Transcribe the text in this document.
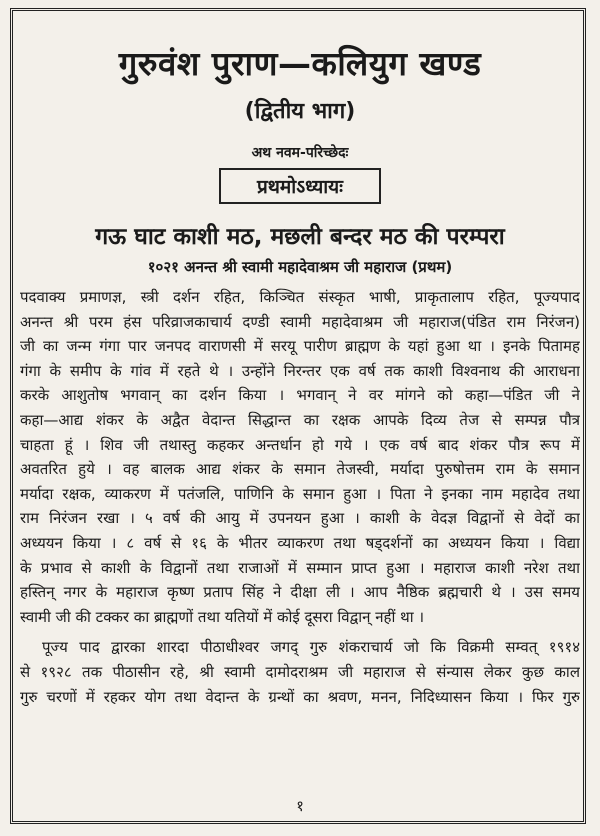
गुरुवंश पुराण—कलियुग खण्ड
(द्वितीय भाग)
अथ नवम-परिच्छेदः
प्रथमोऽध्यायः
गऊ घाट काशी मठ, मछली बन्दर मठ की परम्परा
१०२१ अनन्त श्री स्वामी महादेवाश्रम जी महाराज (प्रथम)
पदवाक्य प्रमाणज्ञ, स्त्री दर्शन रहित, किञ्चित संस्कृत भाषी, प्राकृतालाप रहित, पूज्यपाद
अनन्त श्री परम हंस परिव्राजकाचार्य दण्डी स्वामी महादेवाश्रम जी महाराज(पंडित राम निरंजन)
जी का जन्म गंगा पार जनपद वाराणसी में सरयू पारीण ब्राह्मण के यहां हुआ था । इनके पितामह
गंगा के समीप के गांव में रहते थे । उन्होंने निरन्तर एक वर्ष तक काशी विश्वनाथ की आराधना
करके आशुतोष भगवान् का दर्शन किया । भगवान् ने वर मांगने को कहा—पंडित जी ने
कहा—आद्य शंकर के अद्वैत वेदान्त सिद्धान्त का रक्षक आपके दिव्य तेज से सम्पन्न पौत्र
चाहता हूं । शिव जी तथास्तु कहकर अन्तर्धान हो गये । एक वर्ष बाद शंकर पौत्र रूप में
अवतरित हुये । वह बालक आद्य शंकर के समान तेजस्वी, मर्यादा पुरुषोत्तम राम के समान
मर्यादा रक्षक, व्याकरण में पतंजलि, पाणिनि के समान हुआ । पिता ने इनका नाम महादेव तथा
राम निरंजन रखा । ५ वर्ष की आयु में उपनयन हुआ । काशी के वेदज्ञ विद्वानों से वेदों का
अध्ययन किया । ८ वर्ष से १६ के भीतर व्याकरण तथा षड्दर्शनों का अध्ययन किया । विद्या
के प्रभाव से काशी के विद्वानों तथा राजाओं में सम्मान प्राप्त हुआ । महाराज काशी नरेश तथा
हस्तिन् नगर के महाराज कृष्ण प्रताप सिंह ने दीक्षा ली । आप नैष्ठिक ब्रह्मचारी थे । उस समय
स्वामी जी की टक्कर का ब्राह्मणों तथा यतियों में कोई दूसरा विद्वान् नहीं था ।
पूज्य पाद द्वारका शारदा पीठाधीश्वर जगद् गुरु शंकराचार्य जो कि विक्रमी सम्वत् १९१४
से १९२८ तक पीठासीन रहे, श्री स्वामी दामोदराश्रम जी महाराज से संन्यास लेकर कुछ काल
गुरु चरणों में रहकर योग तथा वेदान्त के ग्रन्थों का श्रवण, मनन, निदिध्यासन किया । फिर गुरु
१
